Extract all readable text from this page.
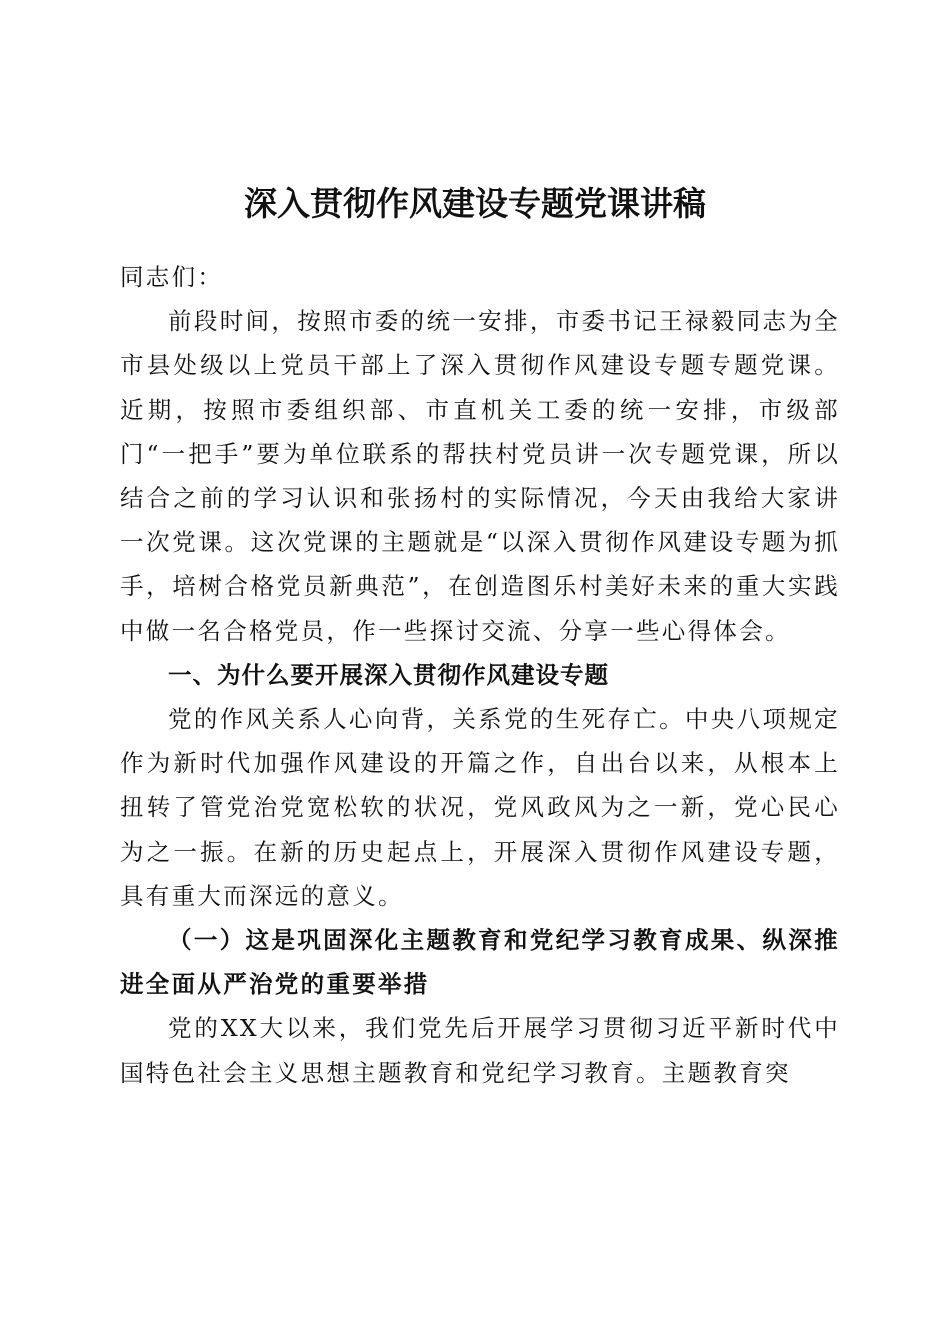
深入贯彻作风建设专题党课讲稿

同志们：

前段时间，按照市委的统一安排，市委书记王禄毅同志为全市县处级以上党员干部上了深入贯彻作风建设专题专题党课。近期，按照市委组织部、市直机关工委的统一安排，市级部门“一把手”要为单位联系的帮扶村党员讲一次专题党课，所以结合之前的学习认识和张扬村的实际情况，今天由我给大家讲一次党课。这次党课的主题就是“以深入贯彻作风建设专题为抓手，培树合格党员新典范”，在创造图乐村美好未来的重大实践中做一名合格党员，作一些探讨交流、分享一些心得体会。

一、为什么要开展深入贯彻作风建设专题

党的作风关系人心向背，关系党的生死存亡。中央八项规定作为新时代加强作风建设的开篇之作，自出台以来，从根本上扭转了管党治党宽松软的状况，党风政风为之一新，党心民心为之一振。在新的历史起点上，开展深入贯彻作风建设专题，具有重大而深远的意义。

（一）这是巩固深化主题教育和党纪学习教育成果、纵深推进全面从严治党的重要举措

党的XX大以来，我们党先后开展学习贯彻习近平新时代中国特色社会主义思想主题教育和党纪学习教育。主题教育突
